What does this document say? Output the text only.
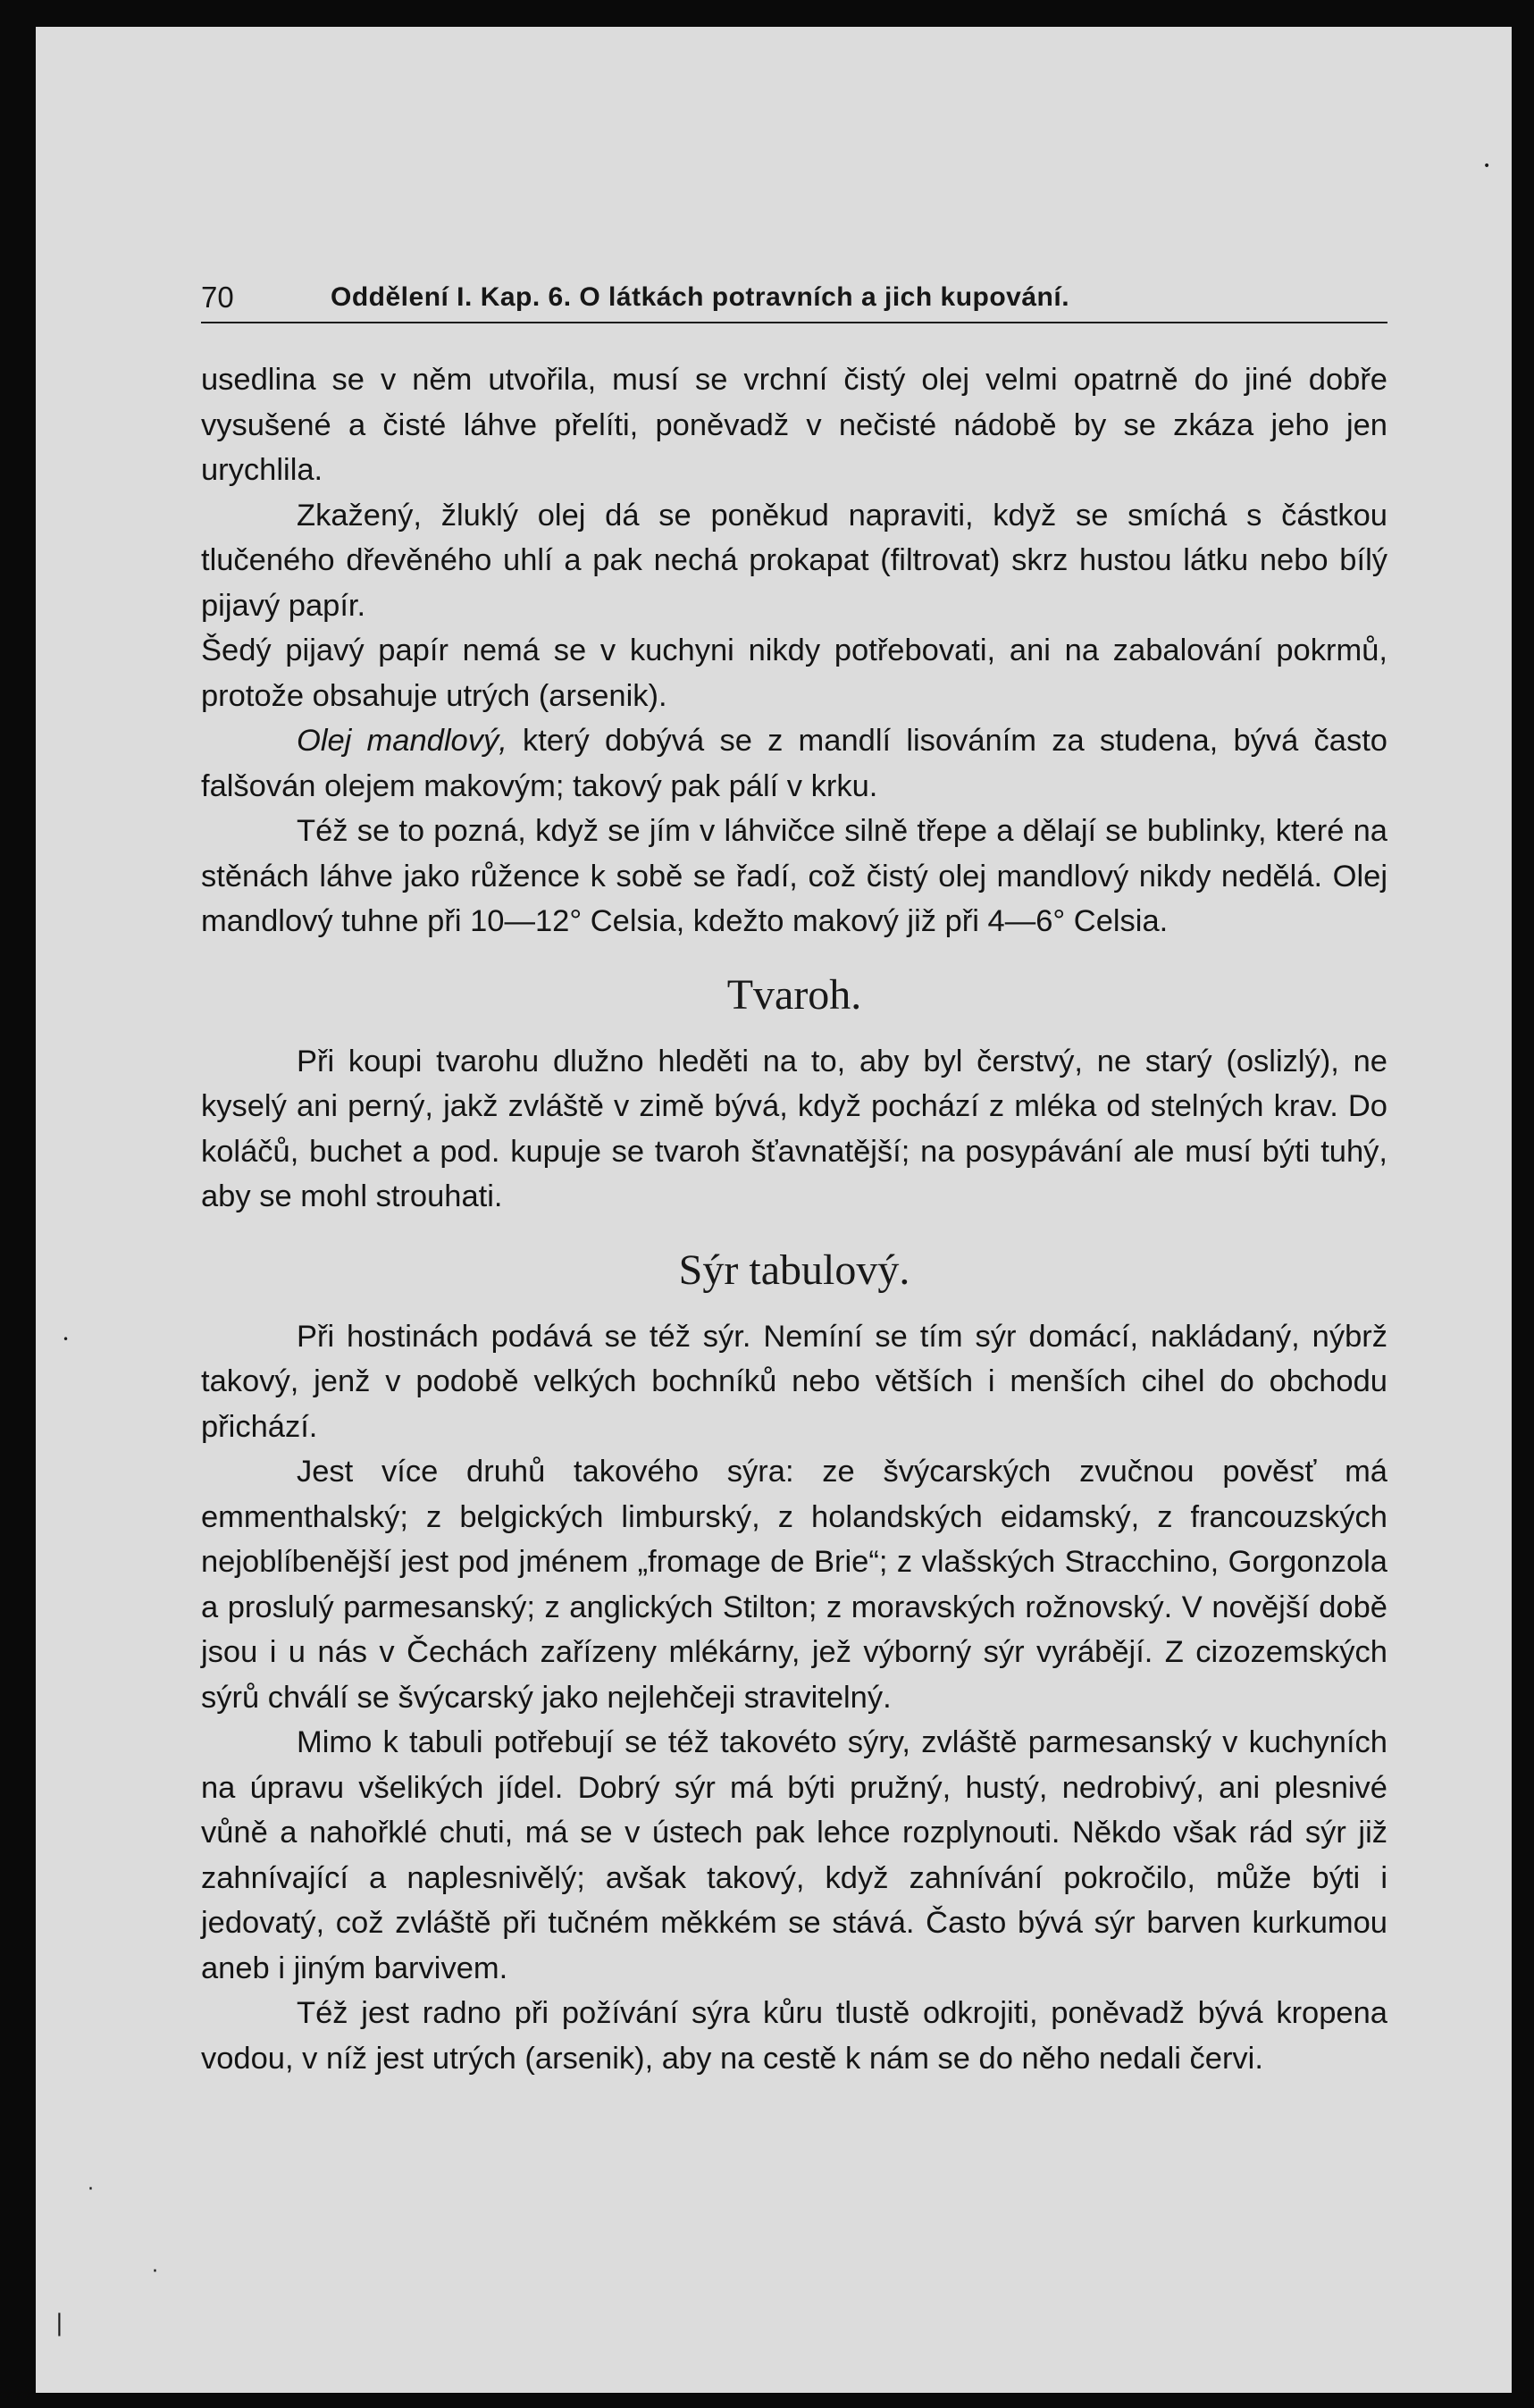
70	Oddělení I. Kap. 6. O látkách potravních a jich kupování.

usedlina se v něm utvořila, musí se vrchní čistý olej velmi opatrně do jiné dobře vysušené a čisté láhve přelíti, poněvadž v nečisté nádobě by se zkáza jeho jen urychlila.

Zkažený, žluklý olej dá se poněkud napraviti, když se smíchá s částkou tlučeného dřevěného uhlí a pak nechá prokapat (filtrovat) skrz hustou látku nebo bílý pijavý papír.

Šedý pijavý papír nemá se v kuchyni nikdy potřebovati, ani na zabalování pokrmů, protože obsahuje utrých (arsenik).

Olej mandlový, který dobývá se z mandlí lisováním za studena, bývá často falšován olejem makovým; takový pak pálí v krku.

Též se to pozná, když se jím v láhvičce silně třepe a dělají se bublinky, které na stěnách láhve jako růžence k sobě se řadí, což čistý olej mandlový nikdy nedělá. Olej mandlový tuhne při 10—12° Celsia, kdežto makový již při 4—6° Celsia.

Tvaroh.

Při koupi tvarohu dlužno hleděti na to, aby byl čerstvý, ne starý (oslizlý), ne kyselý ani perný, jakž zvláště v zimě bývá, když pochází z mléka od stelných krav. Do koláčů, buchet a pod. kupuje se tvaroh šťavnatější; na posypávání ale musí býti tuhý, aby se mohl strouhati.

Sýr tabulový.

Při hostinách podává se též sýr. Nemíní se tím sýr domácí, nakládaný, nýbrž takový, jenž v podobě velkých bochníků nebo větších i menších cihel do obchodu přichází.

Jest více druhů takového sýra: ze švýcarských zvučnou pověsť má emmenthalský; z belgických limburský, z holandských eidamský, z francouzských nejoblíbenější jest pod jménem „fromage de Brie“; z vlašských Stracchino, Gorgonzola a proslulý parmesanský; z anglických Stilton; z moravských rožnovský. V novější době jsou i u nás v Čechách zařízeny mlékárny, jež výborný sýr vyrábějí. Z cizozemských sýrů chválí se švýcarský jako nejlehčeji stravitelný.

Mimo k tabuli potřebují se též takovéto sýry, zvláště parmesanský v kuchyních na úpravu všelikých jídel. Dobrý sýr má býti pružný, hustý, nedrobivý, ani plesnivé vůně a nahořklé chuti, má se v ústech pak lehce rozplynouti. Někdo však rád sýr již zahnívající a naplesnivělý; avšak takový, když zahnívání pokročilo, může býti i jedovatý, což zvláště při tučném měkkém se stává. Často bývá sýr barven kurkumou aneb i jiným barvivem.

Též jest radno při požívání sýra kůru tlustě odkrojiti, poněvadž bývá kropena vodou, v níž jest utrých (arsenik), aby na cestě k nám se do něho nedali červi.

•
•
·
·
|
